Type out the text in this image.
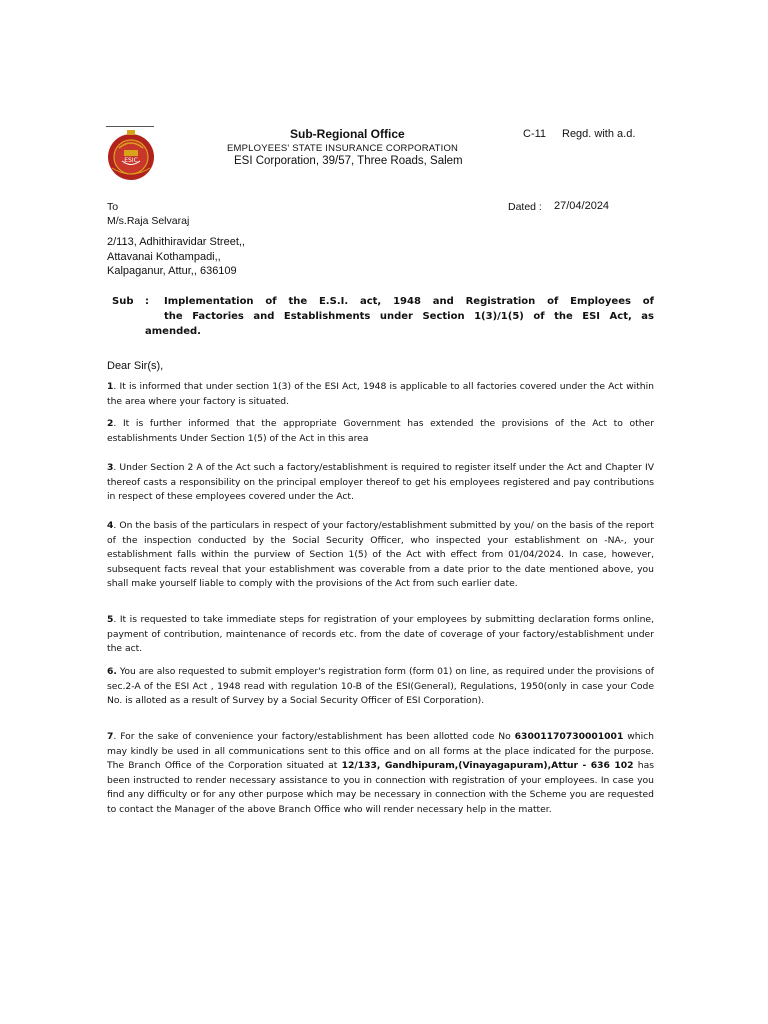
ESIC
Sub-Regional Office
EMPLOYEES' STATE INSURANCE CORPORATION
ESI Corporation, 39/57, Three Roads, Salem
C-11 Regd. with a.d.
To
M/s.Raja Selvaraj
2/113, Adhithiravidar Street,,
Attavanai Kothampadi,,
Kalpaganur, Attur,, 636109
Dated : 27/04/2024
Sub : Implementation of the E.S.I. act, 1948 and Registration of Employees of
the Factories and Establishments under Section 1(3)/1(5) of the ESI Act, as
amended.
Dear Sir(s),
1. It is informed that under section 1(3) of the ESI Act, 1948 is applicable to all factories covered under the Act within the area where your factory is situated.
2. It is further informed that the appropriate Government has extended the provisions of the Act to other establishments Under Section 1(5) of the Act in this area
3. Under Section 2 A of the Act such a factory/establishment is required to register itself under the Act and Chapter IV thereof casts a responsibility on the principal employer thereof to get his employees registered and pay contributions in respect of these employees covered under the Act.
4. On the basis of the particulars in respect of your factory/establishment submitted by you/ on the basis of the report of the inspection conducted by the Social Security Officer, who inspected your establishment on -NA-, your establishment falls within the purview of Section 1(5) of the Act with effect from 01/04/2024. In case, however, subsequent facts reveal that your establishment was coverable from a date prior to the date mentioned above, you shall make yourself liable to comply with the provisions of the Act from such earlier date.
5. It is requested to take immediate steps for registration of your employees by submitting declaration forms online, payment of contribution, maintenance of records etc. from the date of coverage of your factory/establishment under the act.
6. You are also requested to submit employer's registration form (form 01) on line, as required under the provisions of sec.2-A of the ESI Act , 1948 read with regulation 10-B of the ESI(General), Regulations, 1950(only in case your Code No. is alloted as a result of Survey by a Social Security Officer of ESI Corporation).
7. For the sake of convenience your factory/establishment has been allotted code No 63001170730001001 which may kindly be used in all communications sent to this office and on all forms at the place indicated for the purpose. The Branch Office of the Corporation situated at 12/133, Gandhipuram,(Vinayagapuram),Attur - 636 102 has been instructed to render necessary assistance to you in connection with registration of your employees. In case you find any difficulty or for any other purpose which may be necessary in connection with the Scheme you are requested to contact the Manager of the above Branch Office who will render necessary help in the matter.
